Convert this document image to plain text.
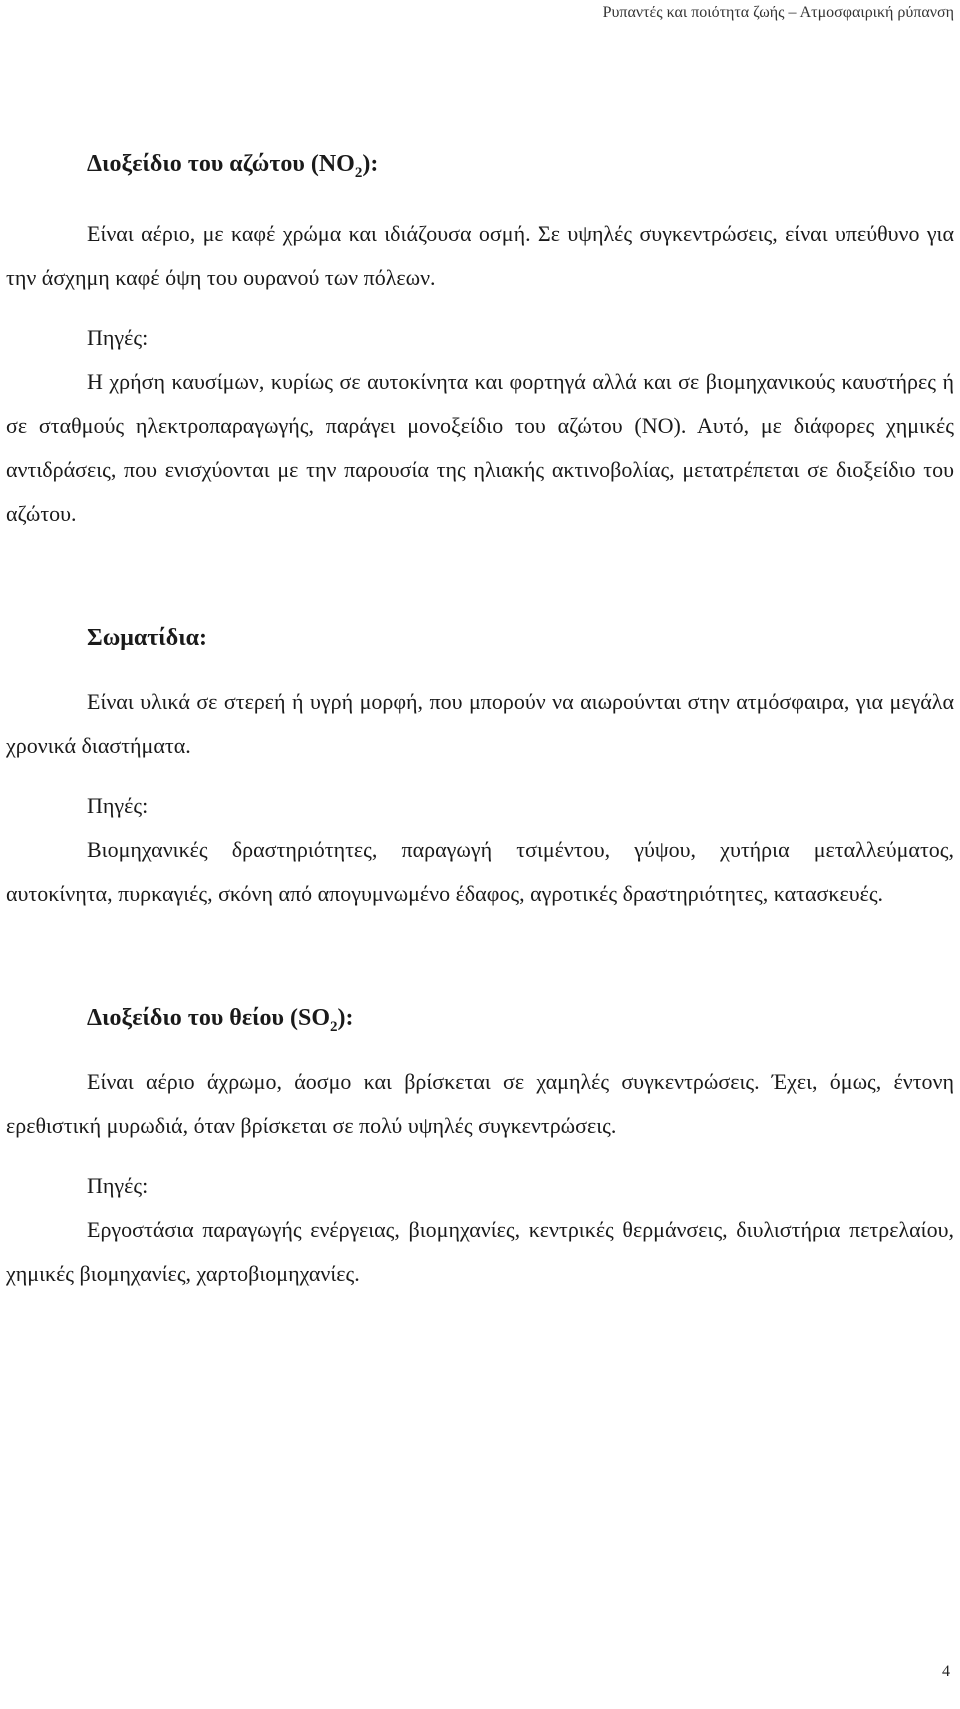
Ρυπαντές και ποιότητα ζωής – Ατμοσφαιρική ρύπανση
Διοξείδιο του αζώτου $(NO_2)$:

Είναι αέριο, με καφέ χρώμα και ιδιάζουσα οσμή. Σε υψηλές συγκεντρώσεις, είναι υπεύθυνο για την άσχημη καφέ όψη του ουρανού των πόλεων.

Πηγές:

Η χρήση καυσίμων, κυρίως σε αυτοκίνητα και φορτηγά αλλά και σε βιομηχανικούς καυστήρες ή σε σταθμούς ηλεκτροπαραγωγής, παράγει μονοξείδιο του αζώτου (NO). Αυτό, με διάφορες χημικές αντιδράσεις, που ενισχύονται με την παρουσία της ηλιακής ακτινοβολίας, μετατρέπεται σε διοξείδιο του αζώτου.

Σωματίδια:

Είναι υλικά σε στερεή ή υγρή μορφή, που μπορούν να αιωρούνται στην ατμόσφαιρα, για μεγάλα χρονικά διαστήματα.

Πηγές:

Βιομηχανικές δραστηριότητες, παραγωγή τσιμέντου, γύψου, χυτήρια μεταλλεύματος, αυτοκίνητα, πυρκαγιές, σκόνη από απογυμνωμένο έδαφος, αγροτικές δραστηριότητες, κατασκευές.

Διοξείδιο του θείου $(SO_2)$:

Είναι αέριο άχρωμο, άοσμο και βρίσκεται σε χαμηλές συγκεντρώσεις. Έχει, όμως, έντονη ερεθιστική μυρωδιά, όταν βρίσκεται σε πολύ υψηλές συγκεντρώσεις.

Πηγές:

Εργοστάσια παραγωγής ενέργειας, βιομηχανίες, κεντρικές θερμάνσεις, διυλιστήρια πετρελαίου, χημικές βιομηχανίες, χαρτοβιομηχανίες.

4
